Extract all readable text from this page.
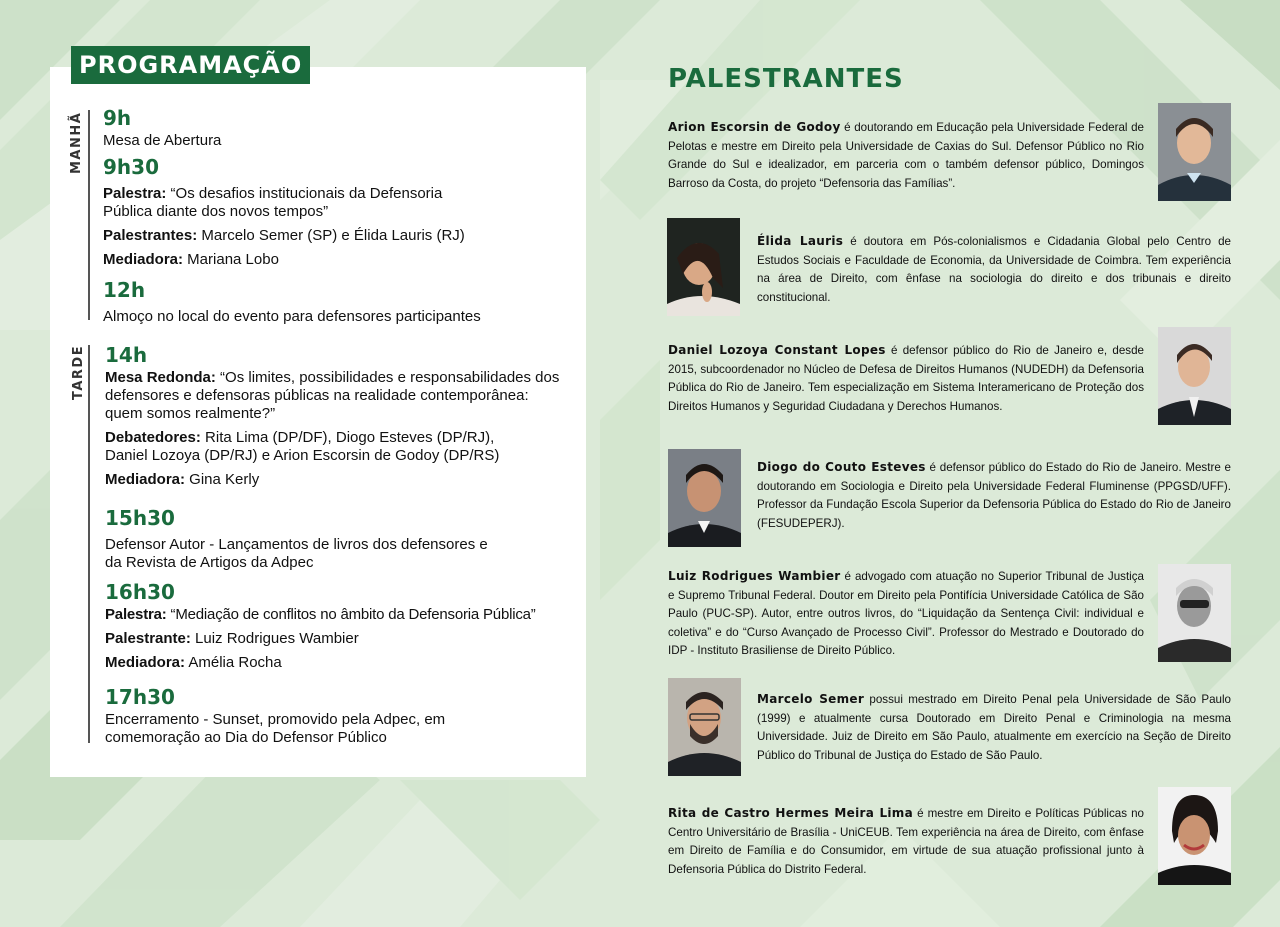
PROGRAMAÇÃO
MANHÃ
TARDE
9h
Mesa de Abertura
9h30
Palestra: “Os desafios institucionais da Defensoria Pública diante dos novos tempos”
Palestrantes: Marcelo Semer (SP) e Élida Lauris (RJ)
Mediadora: Mariana Lobo
12h
Almoço no local do evento para defensores participantes
14h
Mesa Redonda: “Os limites, possibilidades e responsabilidades dos defensores e defensoras públicas na realidade contemporânea: quem somos realmente?”
Debatedores: Rita Lima (DP/DF), Diogo Esteves (DP/RJ), Daniel Lozoya (DP/RJ) e Arion Escorsin de Godoy (DP/RS)
Mediadora: Gina Kerly
15h30
Defensor Autor - Lançamentos de livros dos defensores e da Revista de Artigos da Adpec
16h30
Palestra: “Mediação de conflitos no âmbito da Defensoria Pública”
Palestrante: Luiz Rodrigues Wambier
Mediadora: Amélia Rocha
17h30
Encerramento - Sunset, promovido pela Adpec, em comemoração ao Dia do Defensor Público
PALESTRANTES
Arion Escorsin de Godoy é doutorando em Educação pela Universidade Federal de Pelotas e mestre em Direito pela Universidade de Caxias do Sul. Defensor Público no Rio Grande do Sul e idealizador, em parceria com o também defensor público, Domingos Barroso da Costa, do projeto “Defensoria das Famílias”.
Élida Lauris é doutora em Pós-colonialismos e Cidadania Global pelo Centro de Estudos Sociais e Faculdade de Economia, da Universidade de Coimbra. Tem experiência na área de Direito, com ênfase na sociologia do direito e dos tribunais e direito constitucional.
Daniel Lozoya Constant Lopes é defensor público do Rio de Janeiro e, desde 2015, subcoordenador no Núcleo de Defesa de Direitos Humanos (NUDEDH) da Defensoria Pública do Rio de Janeiro. Tem especialização em Sistema Interamericano de Proteção dos Direitos Humanos y Seguridad Ciudadana y Derechos Humanos.
Diogo do Couto Esteves é defensor público do Estado do Rio de Janeiro. Mestre e doutorando em Sociologia e Direito pela Universidade Federal Fluminense (PPGSD/UFF). Professor da Fundação Escola Superior da Defensoria Pública do Estado do Rio de Janeiro (FESUDEPERJ).
Luiz Rodrigues Wambier é advogado com atuação no Superior Tribunal de Justiça e Supremo Tribunal Federal. Doutor em Direito pela Pontifícia Universidade Católica de São Paulo (PUC-SP). Autor, entre outros livros, do “Liquidação da Sentença Civil: individual e coletiva” e do “Curso Avançado de Processo Civil”. Professor do Mestrado e Doutorado do IDP - Instituto Brasiliense de Direito Público.
Marcelo Semer possui mestrado em Direito Penal pela Universidade de São Paulo (1999) e atualmente cursa Doutorado em Direito Penal e Criminologia na mesma Universidade. Juiz de Direito em São Paulo, atualmente em exercício na Seção de Direito Público do Tribunal de Justiça do Estado de São Paulo.
Rita de Castro Hermes Meira Lima é mestre em Direito e Políticas Públicas no Centro Universitário de Brasília - UniCEUB. Tem experiência na área de Direito, com ênfase em Direito de Família e do Consumidor, em virtude de sua atuação profissional junto à Defensoria Pública do Distrito Federal.
